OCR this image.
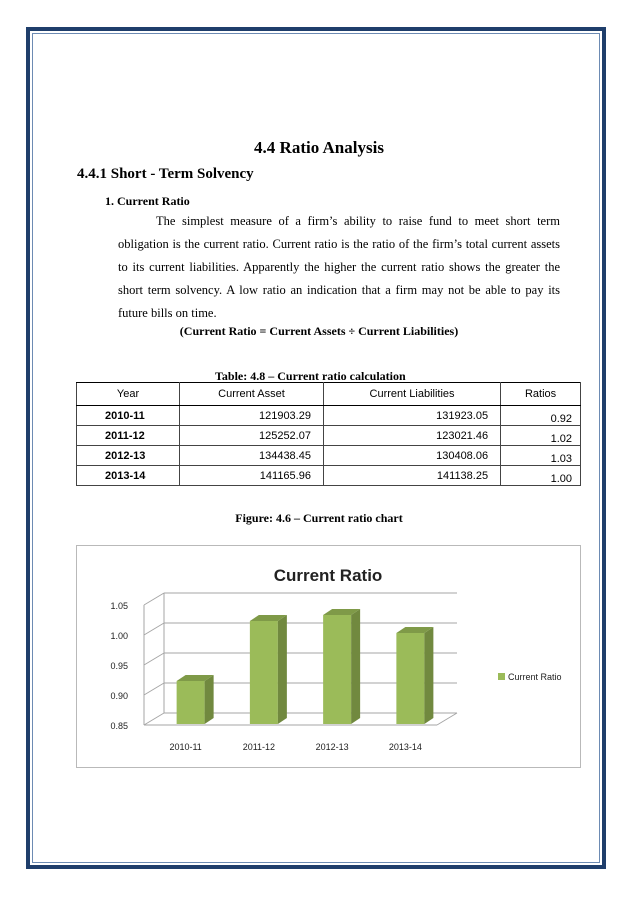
4.4 Ratio Analysis
4.4.1 Short - Term Solvency
1. Current Ratio
The simplest measure of a firm’s ability to raise fund to meet short term obligation is the current ratio. Current ratio is the ratio of the firm’s total current assets to its current liabilities. Apparently the higher the current ratio shows the greater the short term solvency. A low ratio an indication that a firm may not be able to pay its future bills on time.
(Current Ratio = Current Assets ÷ Current Liabilities)
Table: 4.8 – Current ratio calculation
Year	Current Asset	Current Liabilities	Ratios
2010-11	121903.29	131923.05	0.92
2011-12	125252.07	123021.46	1.02
2012-13	134438.45	130408.06	1.03
2013-14	141165.96	141138.25	1.00
Figure: 4.6 – Current ratio chart
Current Ratio
0.85
0.90
0.95
1.00
1.05
2010-11	2011-12	2012-13	2013-14
Current Ratio
